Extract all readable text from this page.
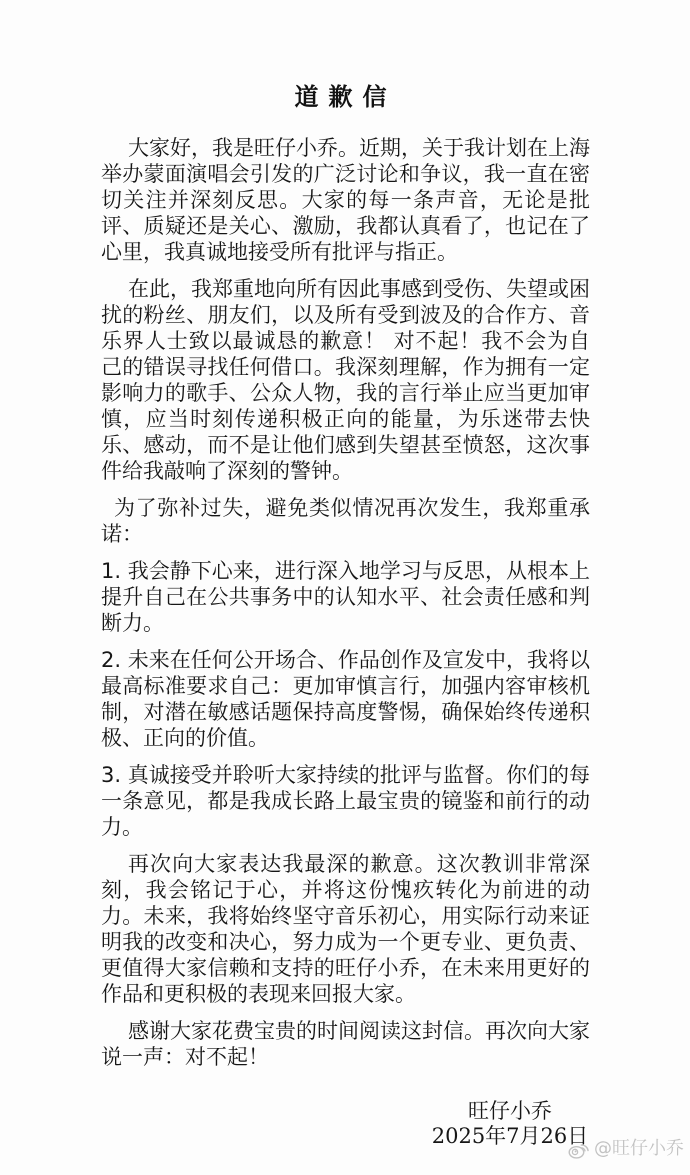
道歉信

大家好，我是旺仔小乔。近期，关于我计划在上海举办蒙面演唱会引发的广泛讨论和争议，我一直在密切关注并深刻反思。大家的每一条声音，无论是批评、质疑还是关心、激励，我都认真看了，也记在了心里，我真诚地接受所有批评与指正。

在此，我郑重地向所有因此事感到受伤、失望或困扰的粉丝、朋友们，以及所有受到波及的合作方、音乐界人士致以最诚恳的歉意！ 对不起！我不会为自己的错误寻找任何借口。我深刻理解，作为拥有一定影响力的歌手、公众人物，我的言行举止应当更加审慎，应当时刻传递积极正向的能量，为乐迷带去快乐、感动，而不是让他们感到失望甚至愤怒，这次事件给我敲响了深刻的警钟。

为了弥补过失，避免类似情况再次发生，我郑重承诺：

1. 我会静下心来，进行深入地学习与反思，从根本上提升自己在公共事务中的认知水平、社会责任感和判断力。

2. 未来在任何公开场合、作品创作及宣发中，我将以最高标准要求自己：更加审慎言行，加强内容审核机制，对潜在敏感话题保持高度警惕，确保始终传递积极、正向的价值。

3. 真诚接受并聆听大家持续的批评与监督。你们的每一条意见，都是我成长路上最宝贵的镜鉴和前行的动力。

再次向大家表达我最深的歉意。这次教训非常深刻，我会铭记于心，并将这份愧疚转化为前进的动力。未来，我将始终坚守音乐初心，用实际行动来证明我的改变和决心，努力成为一个更专业、更负责、更值得大家信赖和支持的旺仔小乔，在未来用更好的作品和更积极的表现来回报大家。

感谢大家花费宝贵的时间阅读这封信。再次向大家说一声：对不起！

旺仔小乔
2025年7月26日
@旺仔小乔
